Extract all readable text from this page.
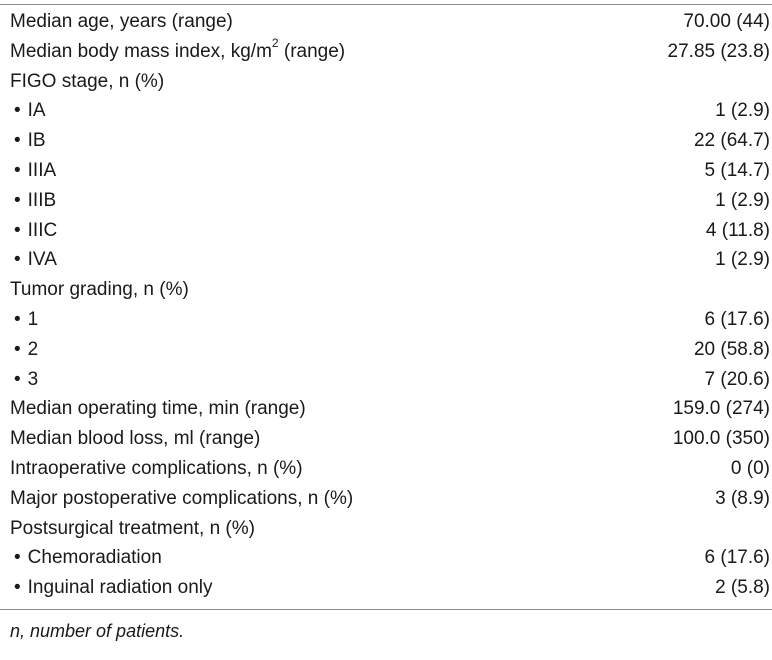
Median age, years (range)	70.00 (44)
Median body mass index, $kg/m^2$ (range)	27.85 (23.8)
FIGO stage, n (%)
• IA	1 (2.9)
• IB	22 (64.7)
• IIIA	5 (14.7)
• IIIB	1 (2.9)
• IIIC	4 (11.8)
• IVA	1 (2.9)
Tumor grading, n (%)
• 1	6 (17.6)
• 2	20 (58.8)
• 3	7 (20.6)
Median operating time, min (range)	159.0 (274)
Median blood loss, ml (range)	100.0 (350)
Intraoperative complications, n (%)	0 (0)
Major postoperative complications, n (%)	3 (8.9)
Postsurgical treatment, n (%)
• Chemoradiation	6 (17.6)
• Inguinal radiation only	2 (5.8)
n, number of patients.
